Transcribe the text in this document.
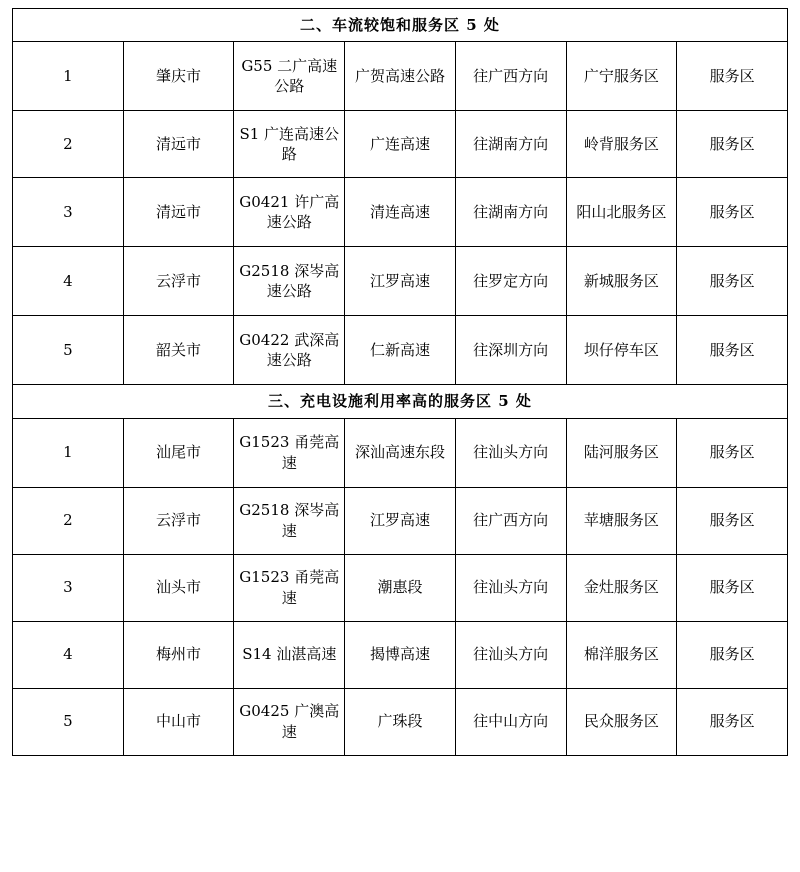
二、车流较饱和服务区 5 处						
1	肇庆市	G55 二广高速公路	广贺高速公路	往广西方向	广宁服务区	服务区
2	清远市	S1 广连高速公路	广连高速	往湖南方向	岭背服务区	服务区
3	清远市	G0421 许广高速公路	清连高速	往湖南方向	阳山北服务区	服务区
4	云浮市	G2518 深岑高速公路	江罗高速	往罗定方向	新城服务区	服务区
5	韶关市	G0422 武深高速公路	仁新高速	往深圳方向	坝仔停车区	服务区
三、充电设施利用率高的服务区 5 处						
1	汕尾市	G1523 甬莞高速	深汕高速东段	往汕头方向	陆河服务区	服务区
2	云浮市	G2518 深岑高速	江罗高速	往广西方向	苹塘服务区	服务区
3	汕头市	G1523 甬莞高速	潮惠段	往汕头方向	金灶服务区	服务区
4	梅州市	S14 汕湛高速	揭博高速	往汕头方向	棉洋服务区	服务区
5	中山市	G0425 广澳高速	广珠段	往中山方向	民众服务区	服务区
